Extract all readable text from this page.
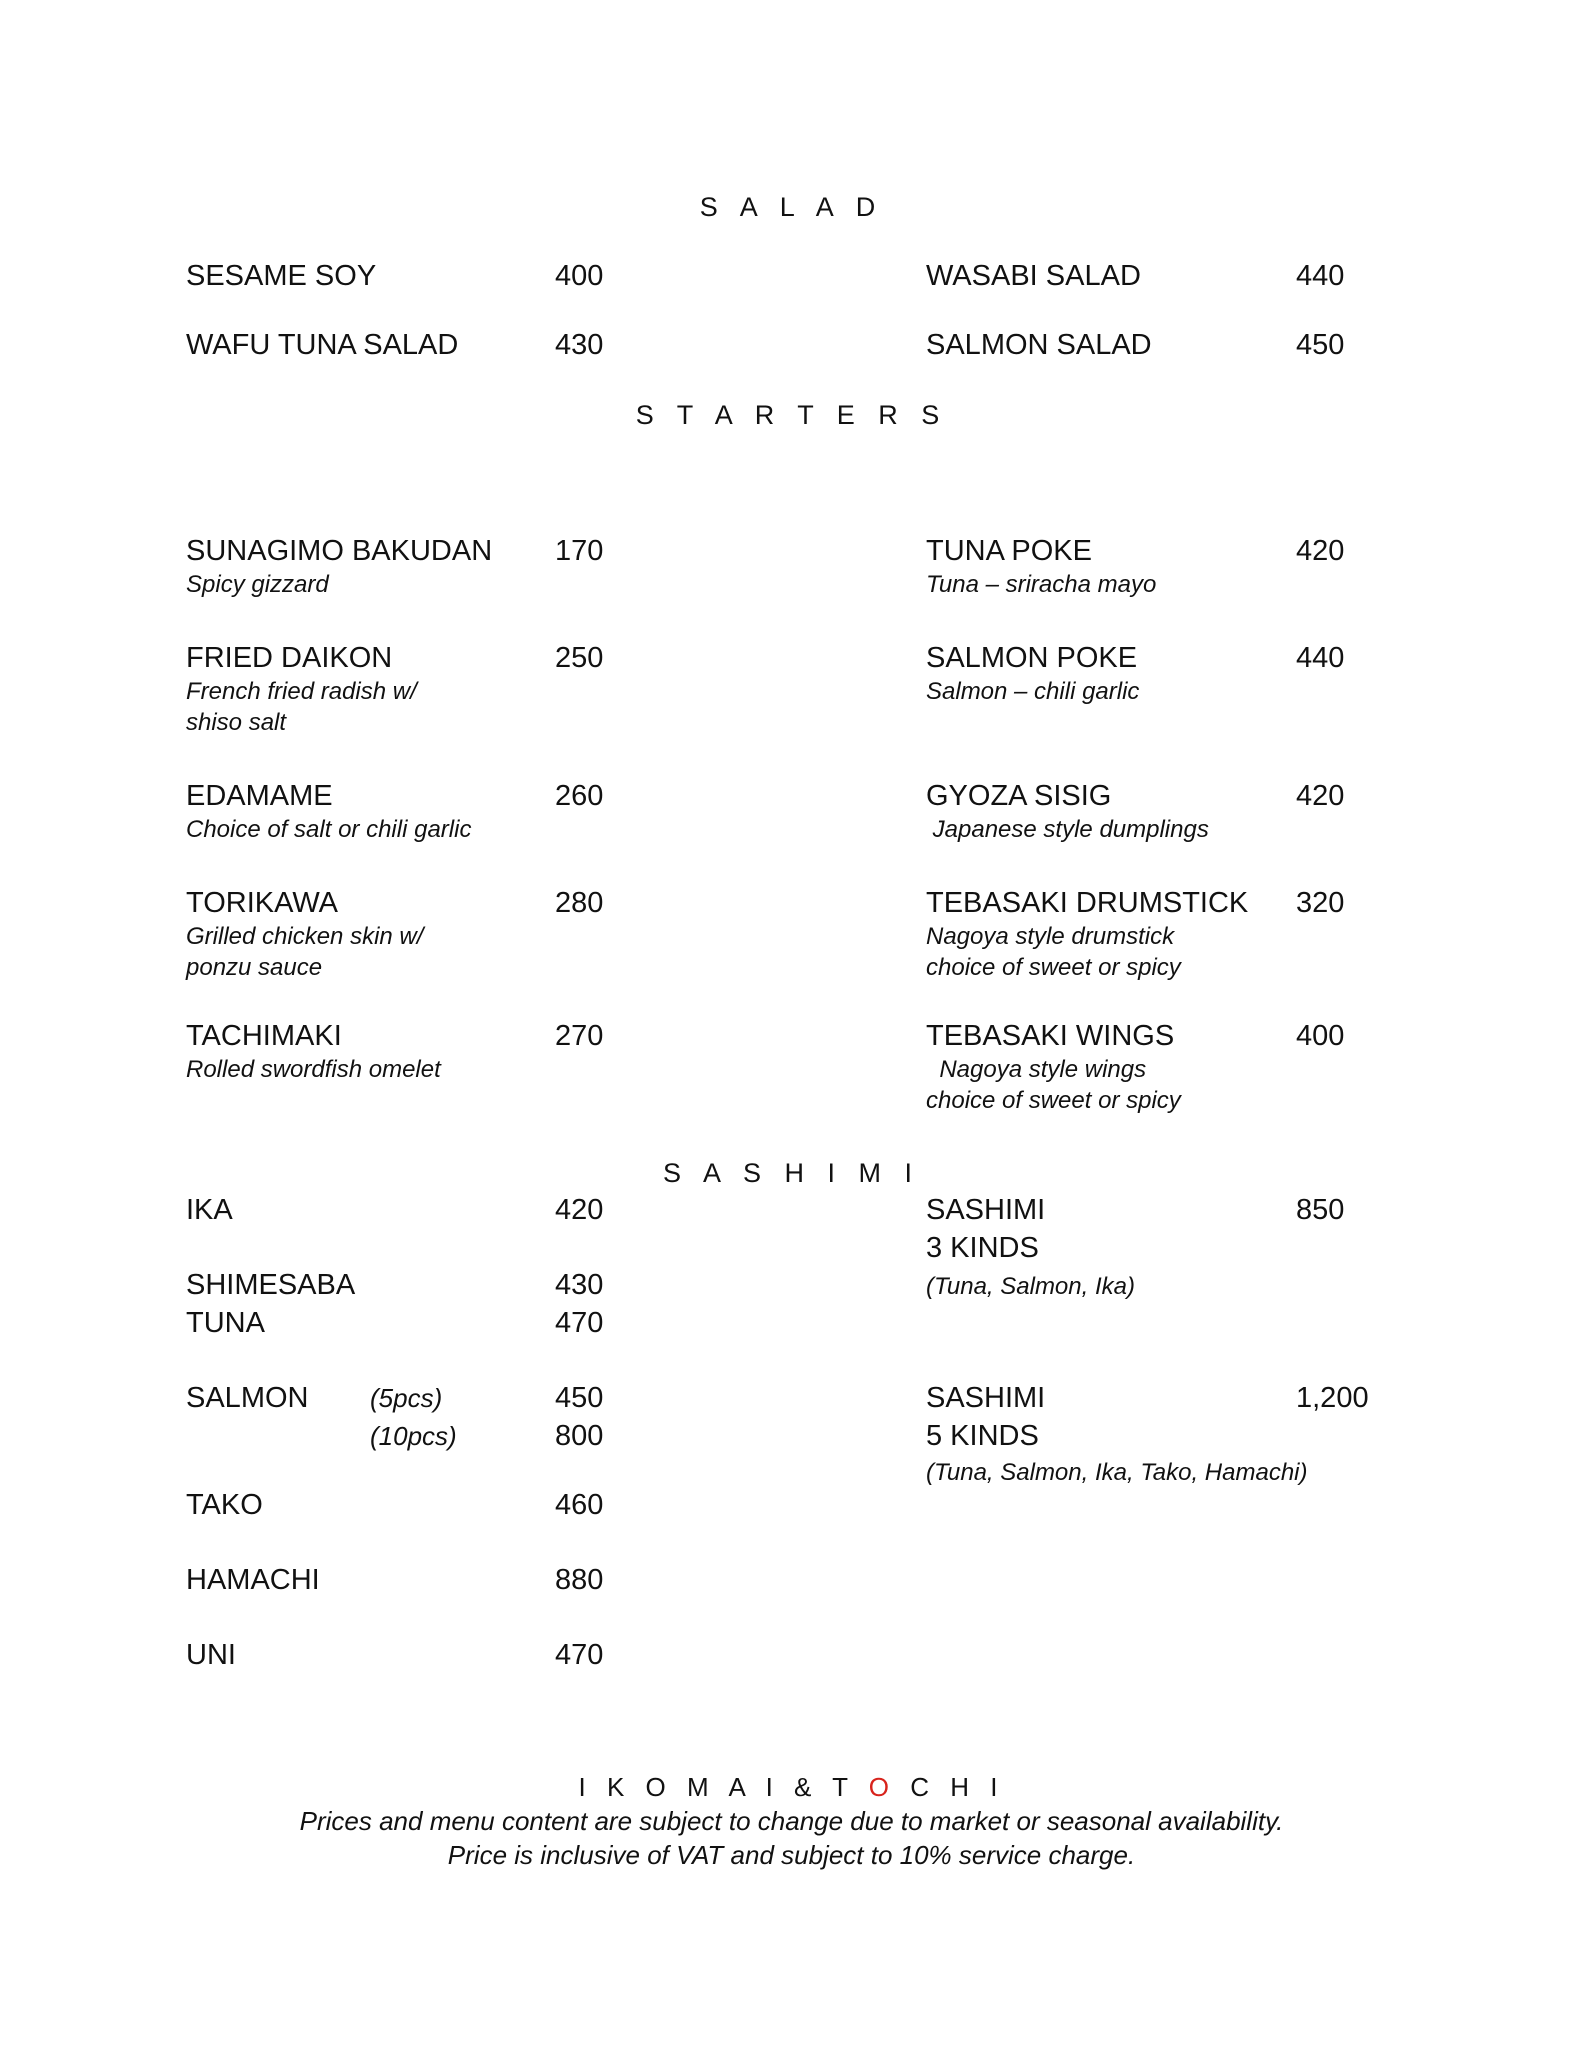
S A L A D
SESAME SOY	400
WAFU TUNA SALAD	430
WASABI SALAD	440
SALMON SALAD	450
S T A R T E R S
SUNAGIMO BAKUDAN 170
Spicy gizzard
FRIED DAIKON	250
French fried radish w/
shiso salt
EDAMAME	260
Choice of salt or chili garlic
TORIKAWA	280
Grilled chicken skin w/
ponzu sauce
TACHIMAKI	270
Rolled swordfish omelet
TUNA POKE	420
Tuna – sriracha mayo
SALMON POKE	440
Salmon – chili garlic
GYOZA SISIG	420
Japanese style dumplings
TEBASAKI DRUMSTICK 320
Nagoya style drumstick
choice of sweet or spicy
TEBASAKI WINGS	400
Nagoya style wings
choice of sweet or spicy
S A S H I M I
IKA	420
SHIMESABA	430
TUNA	470
SALMON (5pcs)	450
(10pcs)	800
TAKO	460
HAMACHI	880
UNI	470
SASHIMI	850
3 KINDS
(Tuna, Salmon, Ika)
SASHIMI	1,200
5 KINDS
(Tuna, Salmon, Ika, Tako, Hamachi)
I K O M A I & T O C H I
Prices and menu content are subject to change due to market or seasonal availability.
Price is inclusive of VAT and subject to 10% service charge.
